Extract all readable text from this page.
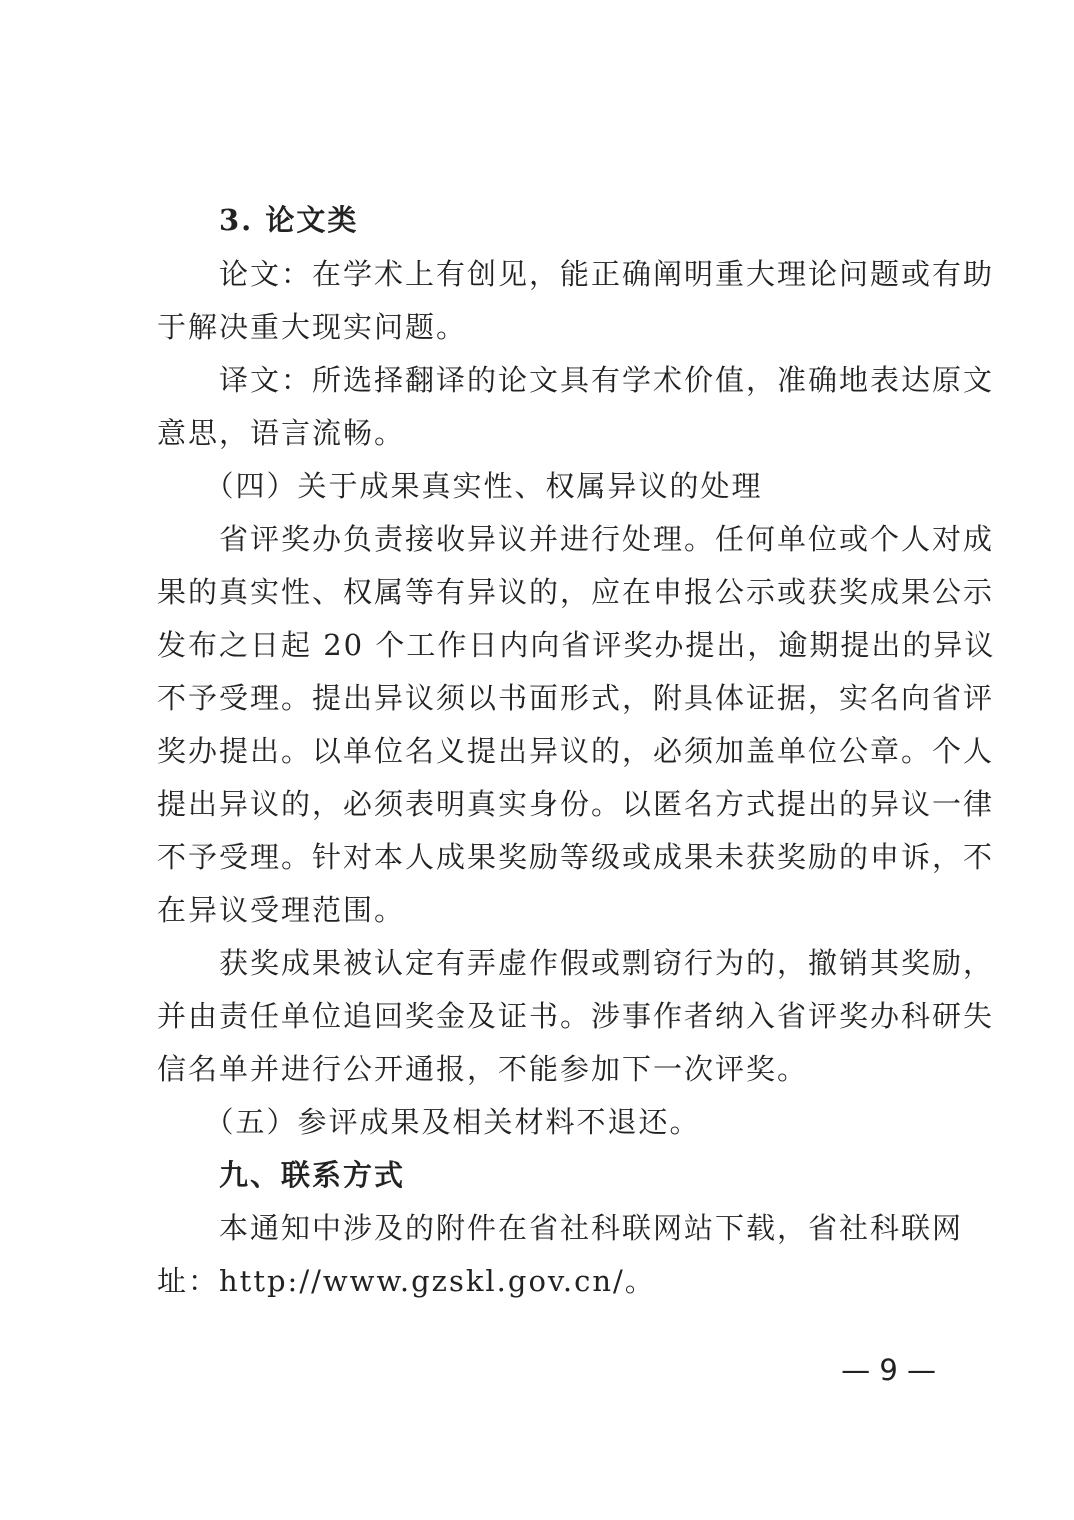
　　3. 论文类
　　论文：在学术上有创见，能正确阐明重大理论问题或有助
于解决重大现实问题。
　　译文：所选择翻译的论文具有学术价值，准确地表达原文
意思，语言流畅。
　　（四）关于成果真实性、权属异议的处理
　　省评奖办负责接收异议并进行处理。任何单位或个人对成
果的真实性、权属等有异议的，应在申报公示或获奖成果公示
发布之日起 20 个工作日内向省评奖办提出，逾期提出的异议
不予受理。提出异议须以书面形式，附具体证据，实名向省评
奖办提出。以单位名义提出异议的，必须加盖单位公章。个人
提出异议的，必须表明真实身份。以匿名方式提出的异议一律
不予受理。针对本人成果奖励等级或成果未获奖励的申诉，不
在异议受理范围。
　　获奖成果被认定有弄虚作假或剽窃行为的，撤销其奖励，
并由责任单位追回奖金及证书。涉事作者纳入省评奖办科研失
信名单并进行公开通报，不能参加下一次评奖。
　　（五）参评成果及相关材料不退还。
　　九、联系方式
　　本通知中涉及的附件在省社科联网站下载，省社科联网
址：http://www.gzskl.gov.cn/。
— 9 —
